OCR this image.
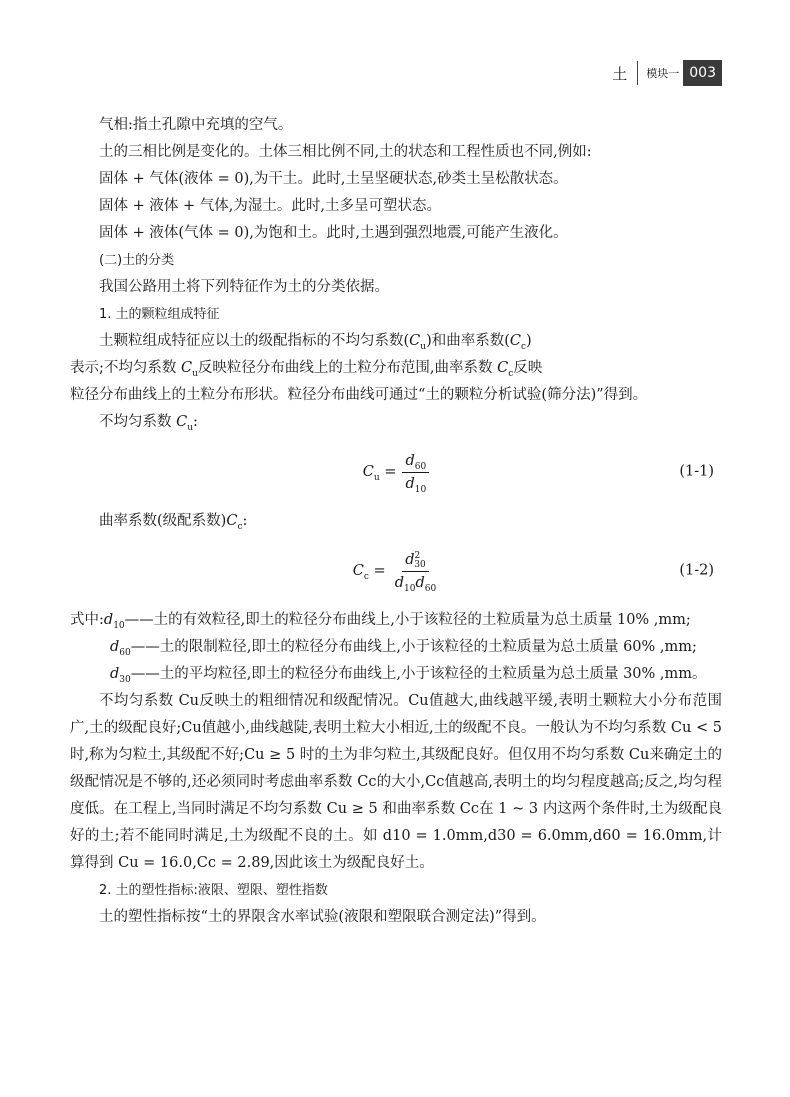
土 模块一 003

气相:指土孔隙中充填的空气。

土的三相比例是变化的。土体三相比例不同,土的状态和工程性质也不同,例如:

固体 + 气体(液体 = 0),为干土。此时,土呈坚硬状态,砂类土呈松散状态。

固体 + 液体 + 气体,为湿土。此时,土多呈可塑状态。

固体 + 液体(气体 = 0),为饱和土。此时,土遇到强烈地震,可能产生液化。

(二)土的分类

我国公路用土将下列特征作为土的分类依据。

1. 土的颗粒组成特征

土颗粒组成特征应以土的级配指标的不均匀系数$(C_u)$和曲率系数$(C_c)$

表示;不均匀系数 $C_u$反映粒径分布曲线上的土粒分布范围,曲率系数 $C_c$反映

粒径分布曲线上的土粒分布形状。粒径分布曲线可通过“土的颗粒分析试验(筛分法)”得到。

不均匀系数 $C_u$:

$C_u = \frac{d_{60}}{d_{10}}$	(1-1)

曲率系数(级配系数)$C_c$:

$C_c = \frac{d^2_{30}}{d_{10}d_{60}}$	(1-2)
式中$:d_{10}$ ——土的有效粒径,即土的粒径分布曲线上,小于该粒径的土粒质量为总土质量 10% ,mm;
$d_{60}$ ——土的限制粒径,即土的粒径分布曲线上,小于该粒径的土粒质量为总土质量 60% ,mm;
$d_{30}$ ——土的平均粒径,即土的粒径分布曲线上,小于该粒径的土粒质量为总土质量 30% ,mm。

不均匀系数 Cu反映土的粗细情况和级配情况。Cu值越大,曲线越平缓,表明土颗粒大小分布范围广,土的级配良好;Cu值越小,曲线越陡,表明土粒大小相近,土的级配不良。一般认为不均匀系数 Cu < 5 时,称为匀粒土,其级配不好;Cu ≥ 5 时的土为非匀粒土,其级配良好。但仅用不均匀系数 Cu来确定土的级配情况是不够的,还必须同时考虑曲率系数 Cc的大小,Cc值越高,表明土的均匀程度越高;反之,均匀程度低。在工程上,当同时满足不均匀系数 Cu ≥ 5 和曲率系数 Cc在 1 ~ 3 内这两个条件时,土为级配良好的土;若不能同时满足,土为级配不良的土。如 d10 = 1.0mm,d30 = 6.0mm,d60 = 16.0mm,计算得到 Cu = 16.0,Cc = 2.89,因此该土为级配良好土。

2. 土的塑性指标:液限、塑限、塑性指数

土的塑性指标按“土的界限含水率试验(液限和塑限联合测定法)”得到。
